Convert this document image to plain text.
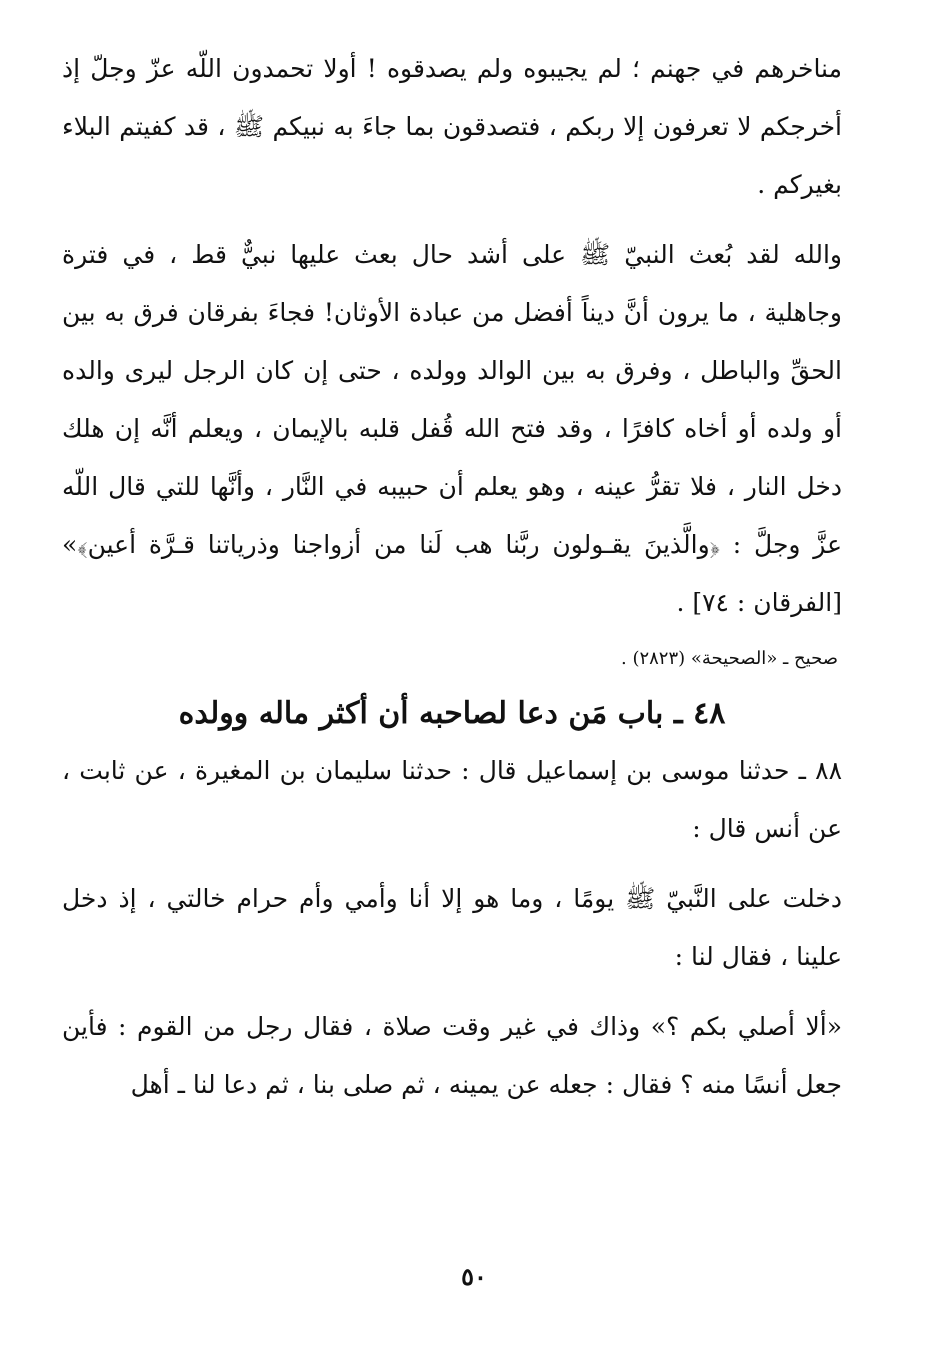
مناخرهم في جهنم ؛ لم يجيبوه ولم يصدقوه ! أولا تحمدون اللّه عزّ وجلّ إذ أخرجكم لا تعرفون إلا ربكم ، فتصدقون بما جاءَ به نبيكم ﷺ ، قد كفيتم البلاء بغيركم .

والله لقد بُعث النبيّ ﷺ على أشد حال بعث عليها نبيٌّ قط ، في فترة وجاهلية ، ما يرون أنَّ ديناً أفضل من عبادة الأوثان! فجاءَ بفرقان فرق به بين الحقِّ والباطل ، وفرق به بين الوالد وولده ، حتى إن كان الرجل ليرى والده أو ولده أو أخاه كافرًا ، وقد فتح الله قُفل قلبه بالإيمان ، ويعلم أنَّه إن هلك دخل النار ، فلا تقرُّ عينه ، وهو يعلم أن حبيبه في النَّار ، وأنَّها للتي قال اللّه عزَّ وجلَّ : ﴿والَّذينَ يقـولون ربَّنا هب لَنا من أزواجنا وذرياتنا قـرَّة أعين﴾» [الفرقان : ٧٤] .

صحيح ـ «الصحيحة» (٢٨٢٣) .

٤٨ ـ باب مَن دعا لصاحبه أن أكثر ماله وولده

٨٨ ـ حدثنا موسى بن إسماعيل قال : حدثنا سليمان بن المغيرة ، عن ثابت ، عن أنس قال :

دخلت على النَّبيّ ﷺ يومًا ، وما هو إلا أنا وأمي وأم حرام خالتي ، إذ دخل علينا ، فقال لنا :

«ألا أصلي بكم ؟» وذاك في غير وقت صلاة ، فقال رجل من القوم : فأين جعل أنسًا منه ؟ فقال : جعله عن يمينه ، ثم صلى بنا ، ثم دعا لنا ـ أهل

٥٠
